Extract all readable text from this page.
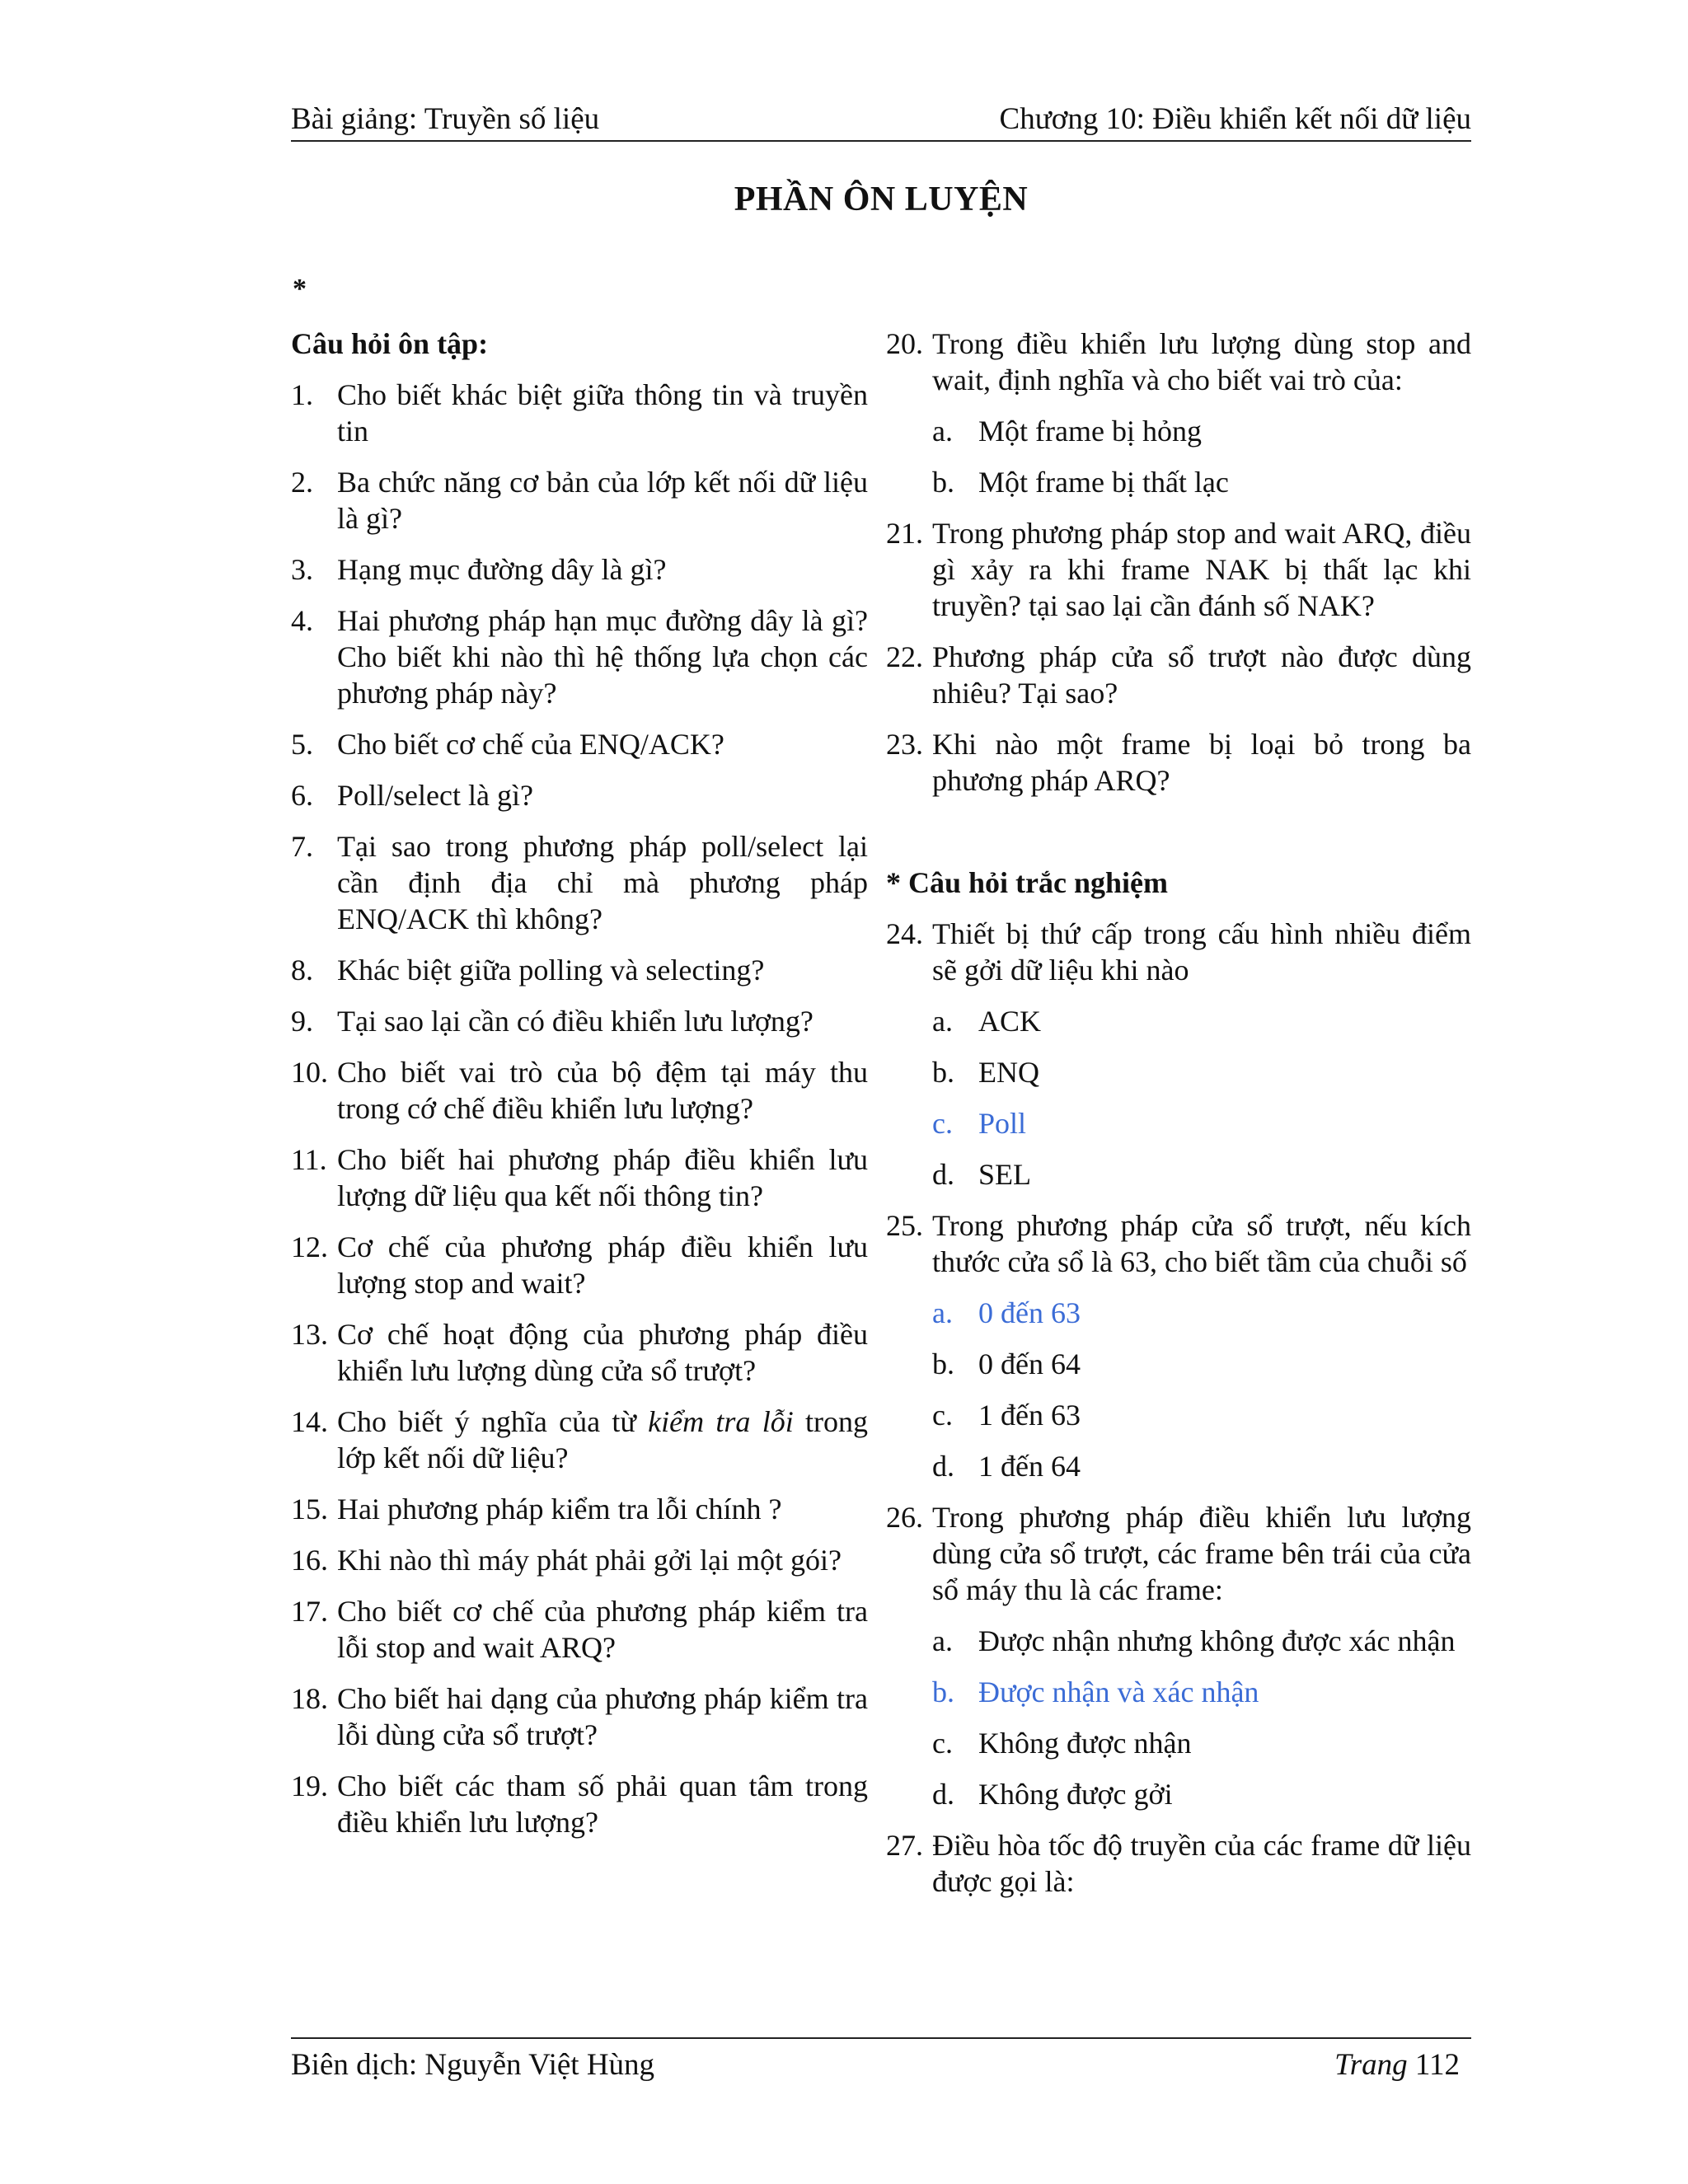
Bài giảng: Truyền số liệu	Chương 10: Điều khiển kết nối dữ liệu
PHẦN ÔN LUYỆN
*
Câu hỏi ôn tập:
1. Cho biết khác biệt giữa thông tin và truyền tin
2. Ba chức năng cơ bản của lớp kết nối dữ liệu là gì?
3. Hạng mục đường dây là gì?
4. Hai phương pháp hạn mục đường dây là gì? Cho biết khi nào thì hệ thống lựa chọn các phương pháp này?
5. Cho biết cơ chế của ENQ/ACK?
6. Poll/select là gì?
7. Tại sao trong phương pháp poll/select lại cần định địa chỉ mà phương pháp ENQ/ACK thì không?
8. Khác biệt giữa polling và selecting?
9. Tại sao lại cần có điều khiển lưu lượng?
10. Cho biết vai trò của bộ đệm tại máy thu trong cớ chế điều khiển lưu lượng?
11. Cho biết hai phương pháp điều khiển lưu lượng dữ liệu qua kết nối thông tin?
12. Cơ chế của phương pháp điều khiển lưu lượng stop and wait?
13. Cơ chế hoạt động của phương pháp điều khiển lưu lượng dùng cửa sổ trượt?
14. Cho biết ý nghĩa của từ kiểm tra lỗi trong lớp kết nối dữ liệu?
15. Hai phương pháp kiểm tra lỗi chính ?
16. Khi nào thì máy phát phải gởi lại một gói?
17. Cho biết cơ chế của phương pháp kiểm tra lỗi stop and wait ARQ?
18. Cho biết hai dạng của phương pháp kiểm tra lỗi dùng cửa sổ trượt?
19. Cho biết các tham số phải quan tâm trong điều khiển lưu lượng?
20. Trong điều khiển lưu lượng dùng stop and wait, định nghĩa và cho biết vai trò của:
a. Một frame bị hỏng
b. Một frame bị thất lạc
21. Trong phương pháp stop and wait ARQ, điều gì xảy ra khi frame NAK bị thất lạc khi truyền? tại sao lại cần đánh số NAK?
22. Phương pháp cửa sổ trượt nào được dùng nhiêu? Tại sao?
23. Khi nào một frame bị loại bỏ trong ba phương pháp ARQ?
* Câu hỏi trắc nghiệm
24. Thiết bị thứ cấp trong cấu hình nhiều điểm sẽ gởi dữ liệu khi nào
a. ACK
b. ENQ
c. Poll
d. SEL
25. Trong phương pháp cửa sổ trượt, nếu kích thước cửa sổ là 63, cho biết tầm của chuỗi số
a. 0 đến 63
b. 0 đến 64
c. 1 đến 63
d. 1 đến 64
26. Trong phương pháp điều khiển lưu lượng dùng cửa sổ trượt, các frame bên trái của cửa sổ máy thu là các frame:
a. Được nhận nhưng không được xác nhận
b. Được nhận và xác nhận
c. Không được nhận
d. Không được gởi
27. Điều hòa tốc độ truyền của các frame dữ liệu được gọi là:
Biên dịch: Nguyễn Việt Hùng	Trang 112
